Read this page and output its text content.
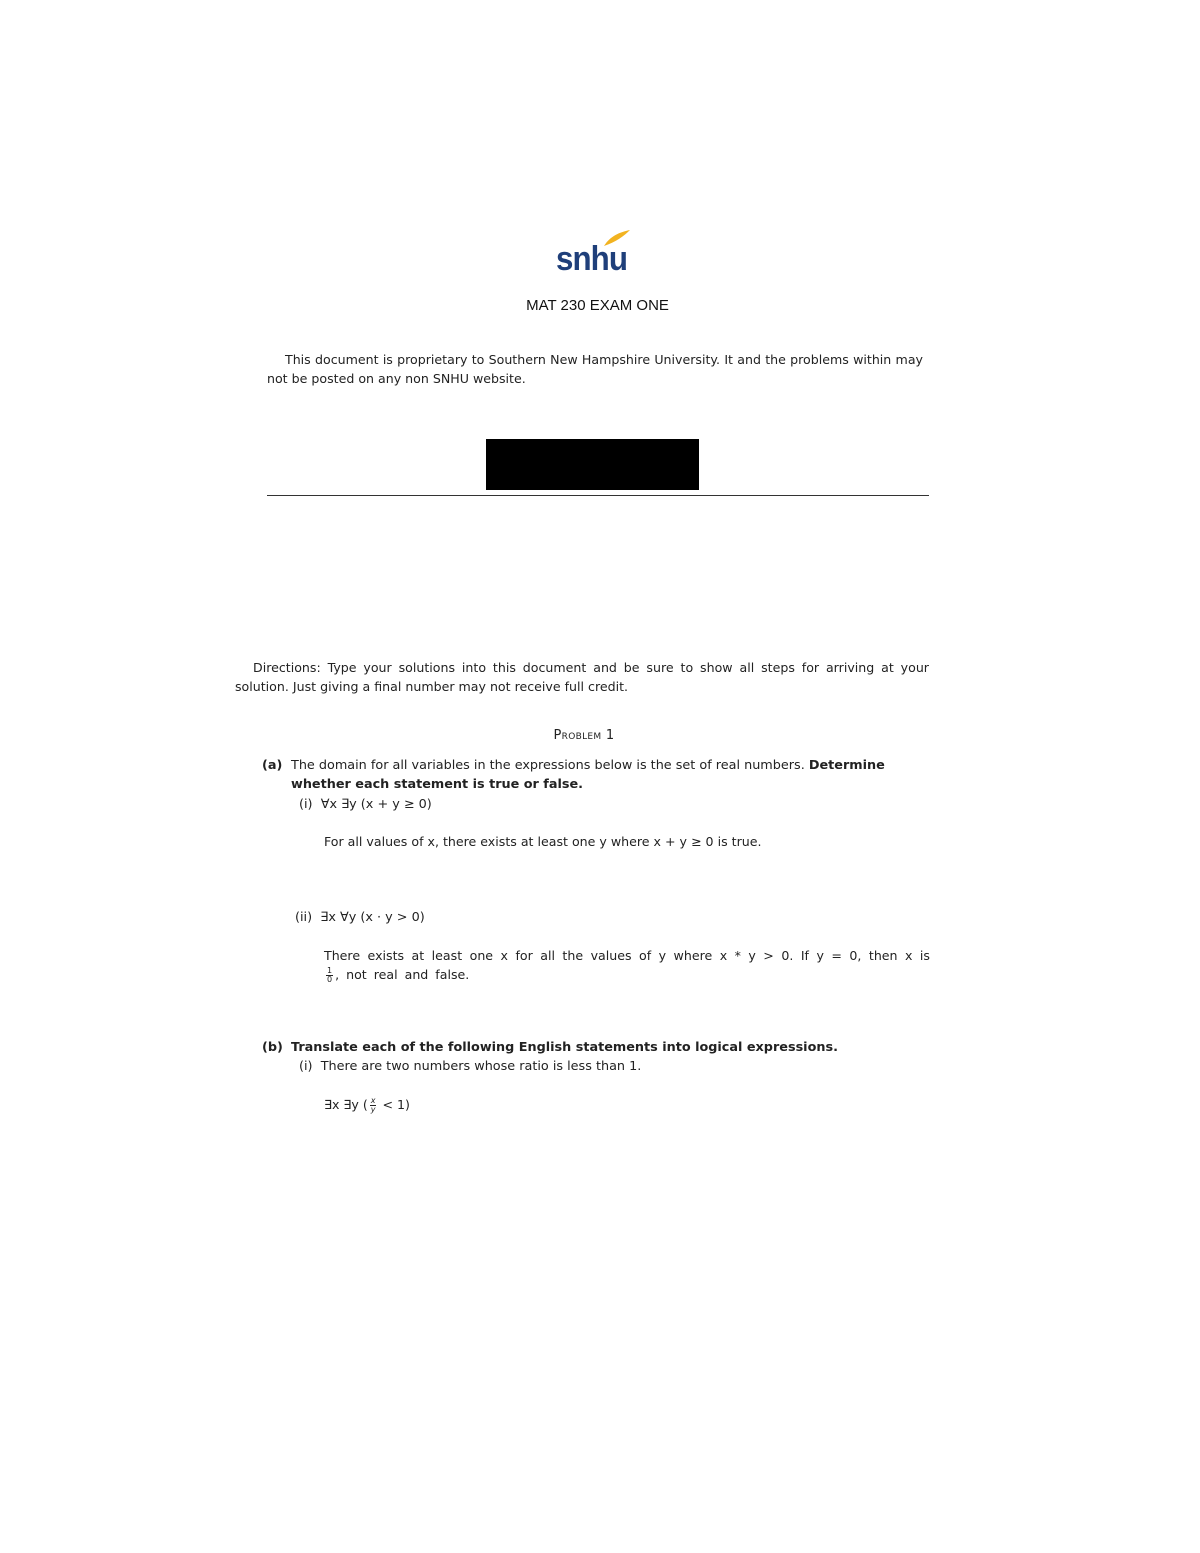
snhu
MAT 230 EXAM ONE
This document is proprietary to Southern New Hampshire University. It and the problems within may not be posted on any non SNHU website.
Directions: Type your solutions into this document and be sure to show all steps for arriving at your solution. Just giving a final number may not receive full credit.
Problem 1
(a) The domain for all variables in the expressions below is the set of real numbers. Determine whether each statement is true or false.
(i) ∀x ∃y (x + y ≥ 0)
For all values of x, there exists at least one y where x + y ≥ 0 is true.
(ii) ∃x ∀y (x · y > 0)
There exists at least one x for all the values of y where x * y > 0. If y = 0, then x is
$\frac{1}{0}$ , not real and false.
(b) Translate each of the following English statements into logical expressions.
(i) There are two numbers whose ratio is less than 1.
∃x ∃y ( $\frac{x}{y} < 1$)
